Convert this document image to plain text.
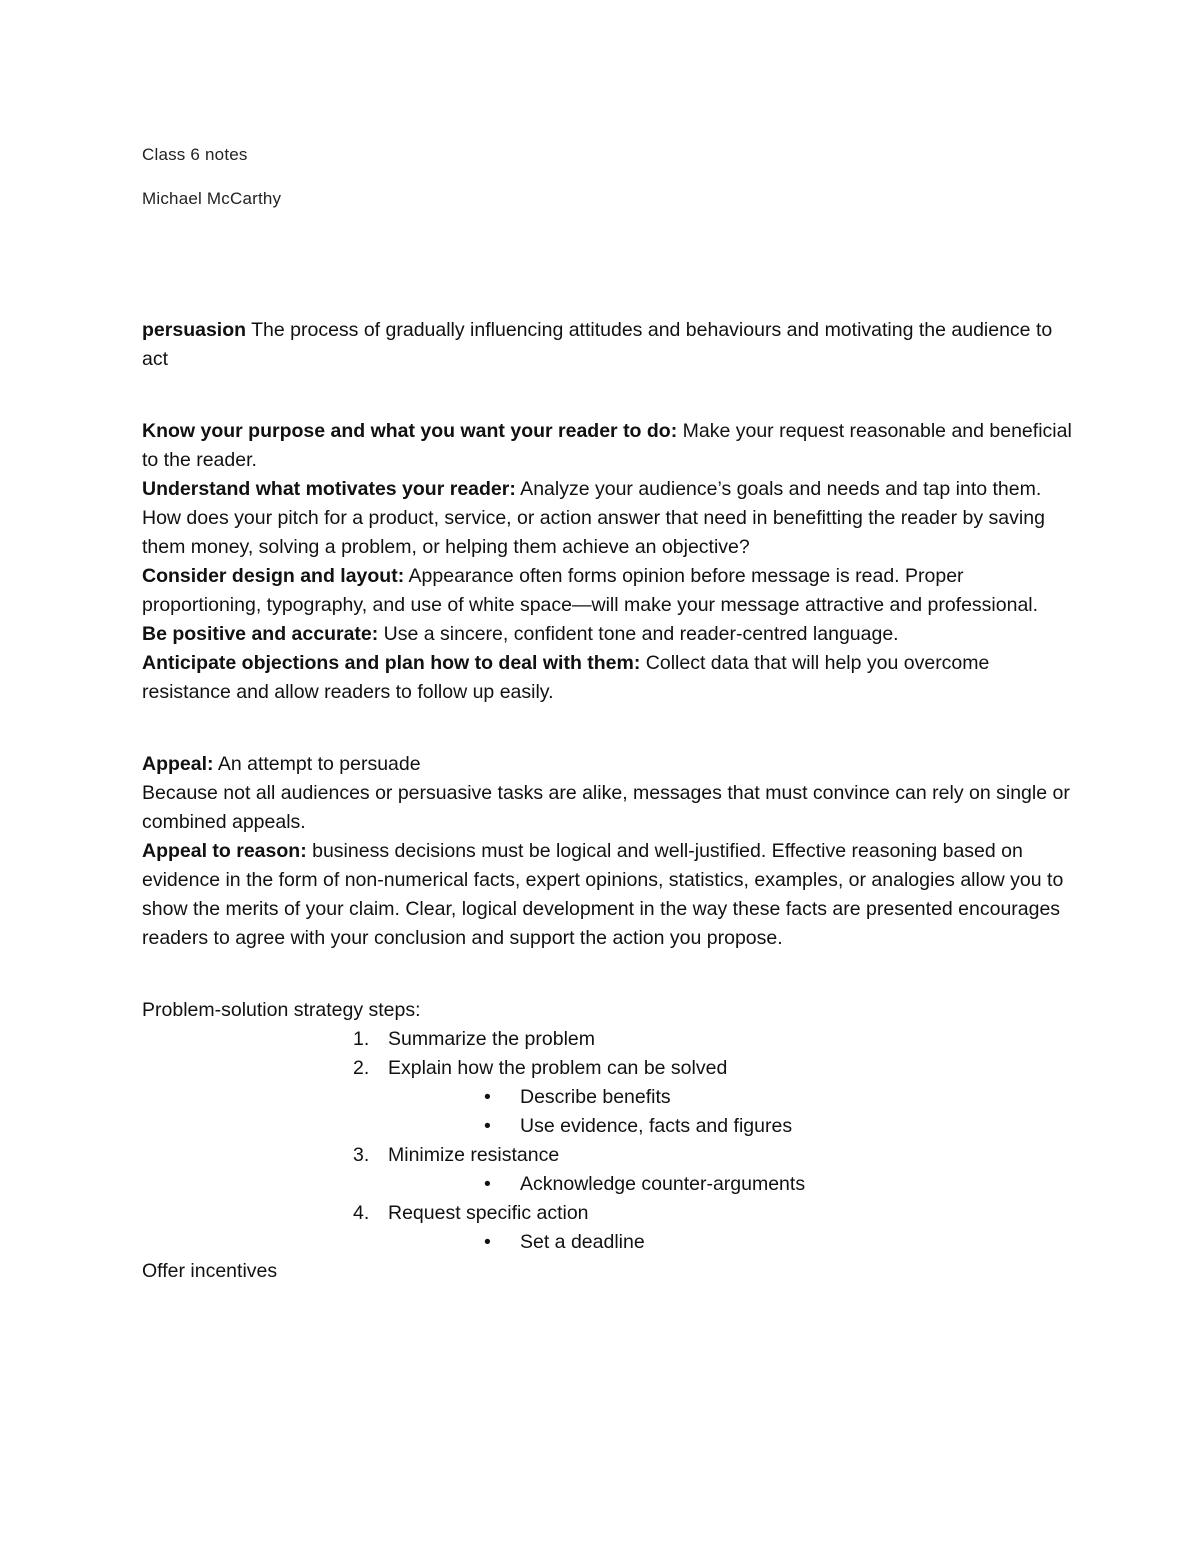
Class 6 notes

Michael McCarthy

persuasion The process of gradually influencing attitudes and behaviours and motivating the audience to act

Know your purpose and what you want your reader to do: Make your request reasonable and beneficial to the reader.

Understand what motivates your reader: Analyze your audience’s goals and needs and tap into them. How does your pitch for a product, service, or action answer that need in benefitting the reader by saving them money, solving a problem, or helping them achieve an objective?

Consider design and layout: Appearance often forms opinion before message is read. Proper proportioning, typography, and use of white space—will make your message attractive and professional.

Be positive and accurate: Use a sincere, confident tone and reader-centred language.

Anticipate objections and plan how to deal with them: Collect data that will help you overcome resistance and allow readers to follow up easily.

Appeal: An attempt to persuade

Because not all audiences or persuasive tasks are alike, messages that must convince can rely on single or combined appeals.

Appeal to reason: business decisions must be logical and well-justified. Effective reasoning based on evidence in the form of non-numerical facts, expert opinions, statistics, examples, or analogies allow you to show the merits of your claim. Clear, logical development in the way these facts are presented encourages readers to agree with your conclusion and support the action you propose.

Problem-solution strategy steps:

1. Summarize the problem
2. Explain how the problem can be solved
• Describe benefits
• Use evidence, facts and figures
3. Minimize resistance
• Acknowledge counter-arguments
4. Request specific action
• Set a deadline

Offer incentives
